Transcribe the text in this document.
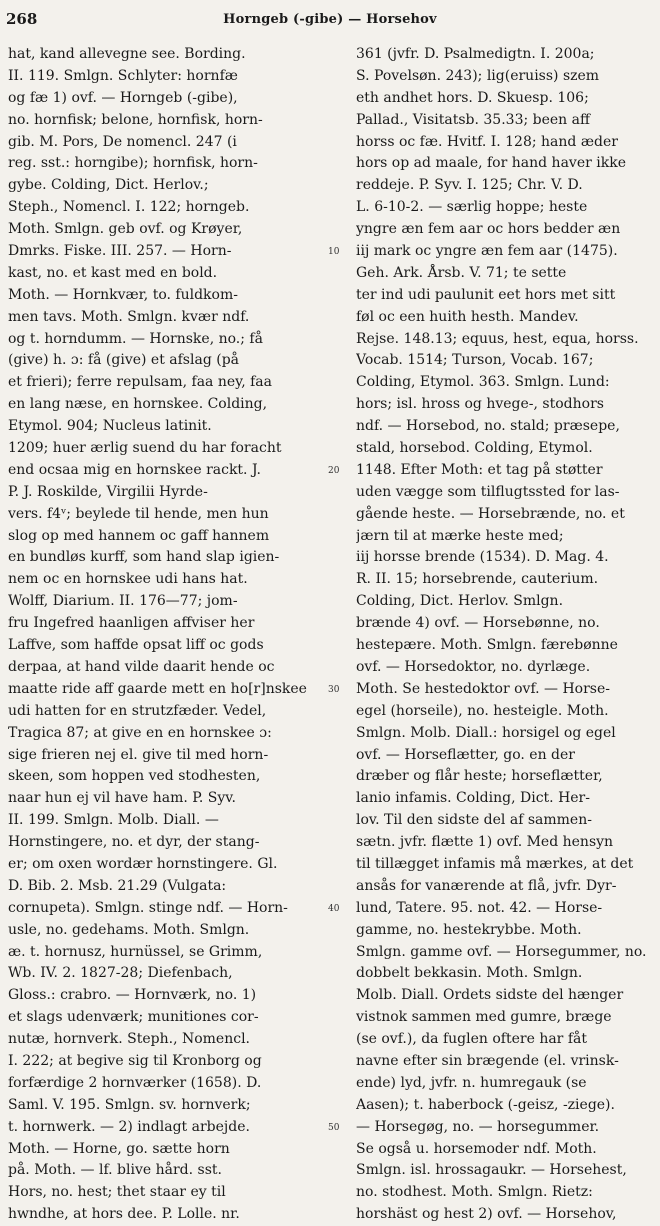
268	Horngeb (-gibe) — Horsehov
hat, kand allevegne see. Bording.
II. 119. Smlgn. Schlyter: hornfæ
og fæ 1) ovf. — Horngeb (-gibe),
no. hornfisk; belone, hornfisk, horn-
gib. M. Pors, De nomencl. 247 (i
reg. sst.: horngibe); hornfisk, horn-
gybe. Colding, Dict. Herlov.;
Steph., Nomencl. I. 122; horngeb.
Moth. Smlgn. geb ovf. og Krøyer,
Dmrks. Fiske. III. 257. — Horn-
kast, no. et kast med en bold.
Moth. — Hornkvær, to. fuldkom-
men tavs. Moth. Smlgn. kvær ndf.
og t. horndumm. — Hornske, no.; få
(give) h. ɔ: få (give) et afslag (på
et frieri); ferre repulsam, faa ney, faa
en lang næse, en hornskee. Colding,
Etymol. 904; Nucleus latinit.
1209; huer ærlig suend du har foracht
end ocsaa mig en hornskee rackt. J.
P. J. Roskilde, Virgilii Hyrde-
vers. f4ᵛ; beylede til hende, men hun
slog op med hannem oc gaff hannem
en bundløs kurff, som hand slap igien-
nem oc en hornskee udi hans hat.
Wolff, Diarium. II. 176—77; jom-
fru Ingefred haanligen affviser her
Laffve, som haffde opsat liff oc gods
derpaa, at hand vilde daarit hende oc
maatte ride aff gaarde mett en ho[r]nskee
udi hatten for en strutzfæder. Vedel,
Tragica 87; at give en en hornskee ɔ:
sige frieren nej el. give til med horn-
skeen, som hoppen ved stodhesten,
naar hun ej vil have ham. P. Syv.
II. 199. Smlgn. Molb. Diall. —
Hornstingere, no. et dyr, der stang-
er; om oxen wordær hornstingere. Gl.
D. Bib. 2. Msb. 21.29 (Vulgata:
cornupeta). Smlgn. stinge ndf. — Horn-
usle, no. gedehams. Moth. Smlgn.
æ. t. hornusz, hurnüssel, se Grimm,
Wb. IV. 2. 1827-28; Diefenbach,
Gloss.: crabro. — Hornværk, no. 1)
et slags udenværk; munitiones cor-
nutæ, hornverk. Steph., Nomencl.
I. 222; at begive sig til Kronborg og
forfærdige 2 hornværker (1658). D.
Saml. V. 195. Smlgn. sv. hornverk;
t. hornwerk. — 2) indlagt arbejde.
Moth. — Horne, go. sætte horn
på. Moth. — lf. blive hård. sst.
Hors, no. hest; thet staar ey til
hwndhe, at hors dee. P. Lolle. nr.
10
20
30
40
50
361 (jvfr. D. Psalmedigtn. I. 200a;
S. Povelsøn. 243); lig(eruiss) szem
eth andhet hors. D. Skuesp. 106;
Pallad., Visitatsb. 35.33; been aff
horss oc fæ. Hvitf. I. 128; hand æder
hors op ad maale, for hand haver ikke
reddeje. P. Syv. I. 125; Chr. V. D.
L. 6-10-2. — særlig hoppe; heste
yngre æn fem aar oc hors bedder æn
iij mark oc yngre æn fem aar (1475).
Geh. Ark. Årsb. V. 71; te sette
ter ind udi paulunit eet hors met sitt
føl oc een huith hesth. Mandev.
Rejse. 148.13; equus, hest, equa, horss.
Vocab. 1514; Turson, Vocab. 167;
Colding, Etymol. 363. Smlgn. Lund:
hors; isl. hross og hvege-, stodhors
ndf. — Horsebod, no. stald; præsepe,
stald, horsebod. Colding, Etymol.
1148. Efter Moth: et tag på støtter
uden vægge som tilflugtssted for las-
gående heste. — Horsebrænde, no. et
jærn til at mærke heste med;
iij horsse brende (1534). D. Mag. 4.
R. II. 15; horsebrende, cauterium.
Colding, Dict. Herlov. Smlgn.
brænde 4) ovf. — Horsebønne, no.
hestepære. Moth. Smlgn. færebønne
ovf. — Horsedoktor, no. dyrlæge.
Moth. Se hestedoktor ovf. — Horse-
egel (horseile), no. hesteigle. Moth.
Smlgn. Molb. Diall.: horsigel og egel
ovf. — Horseflætter, go. en der
dræber og flår heste; horseflætter,
lanio infamis. Colding, Dict. Her-
lov. Til den sidste del af sammen-
sætn. jvfr. flætte 1) ovf. Med hensyn
til tillægget infamis må mærkes, at det
ansås for vanærende at flå, jvfr. Dyr-
lund, Tatere. 95. not. 42. — Horse-
gamme, no. hestekrybbe. Moth.
Smlgn. gamme ovf. — Horsegummer, no.
dobbelt bekkasin. Moth. Smlgn.
Molb. Diall. Ordets sidste del hænger
vistnok sammen med gumre, bræge
(se ovf.), da fuglen oftere har fåt
navne efter sin brægende (el. vrinsk-
ende) lyd, jvfr. n. humregauk (se
Aasen); t. haberbock (-geisz, -ziege).
— Horsegøg, no. — horsegummer.
Se også u. horsemoder ndf. Moth.
Smlgn. isl. hrossagaukr. — Horsehest,
no. stodhest. Moth. Smlgn. Rietz:
horshäst og hest 2) ovf. — Horsehov,
